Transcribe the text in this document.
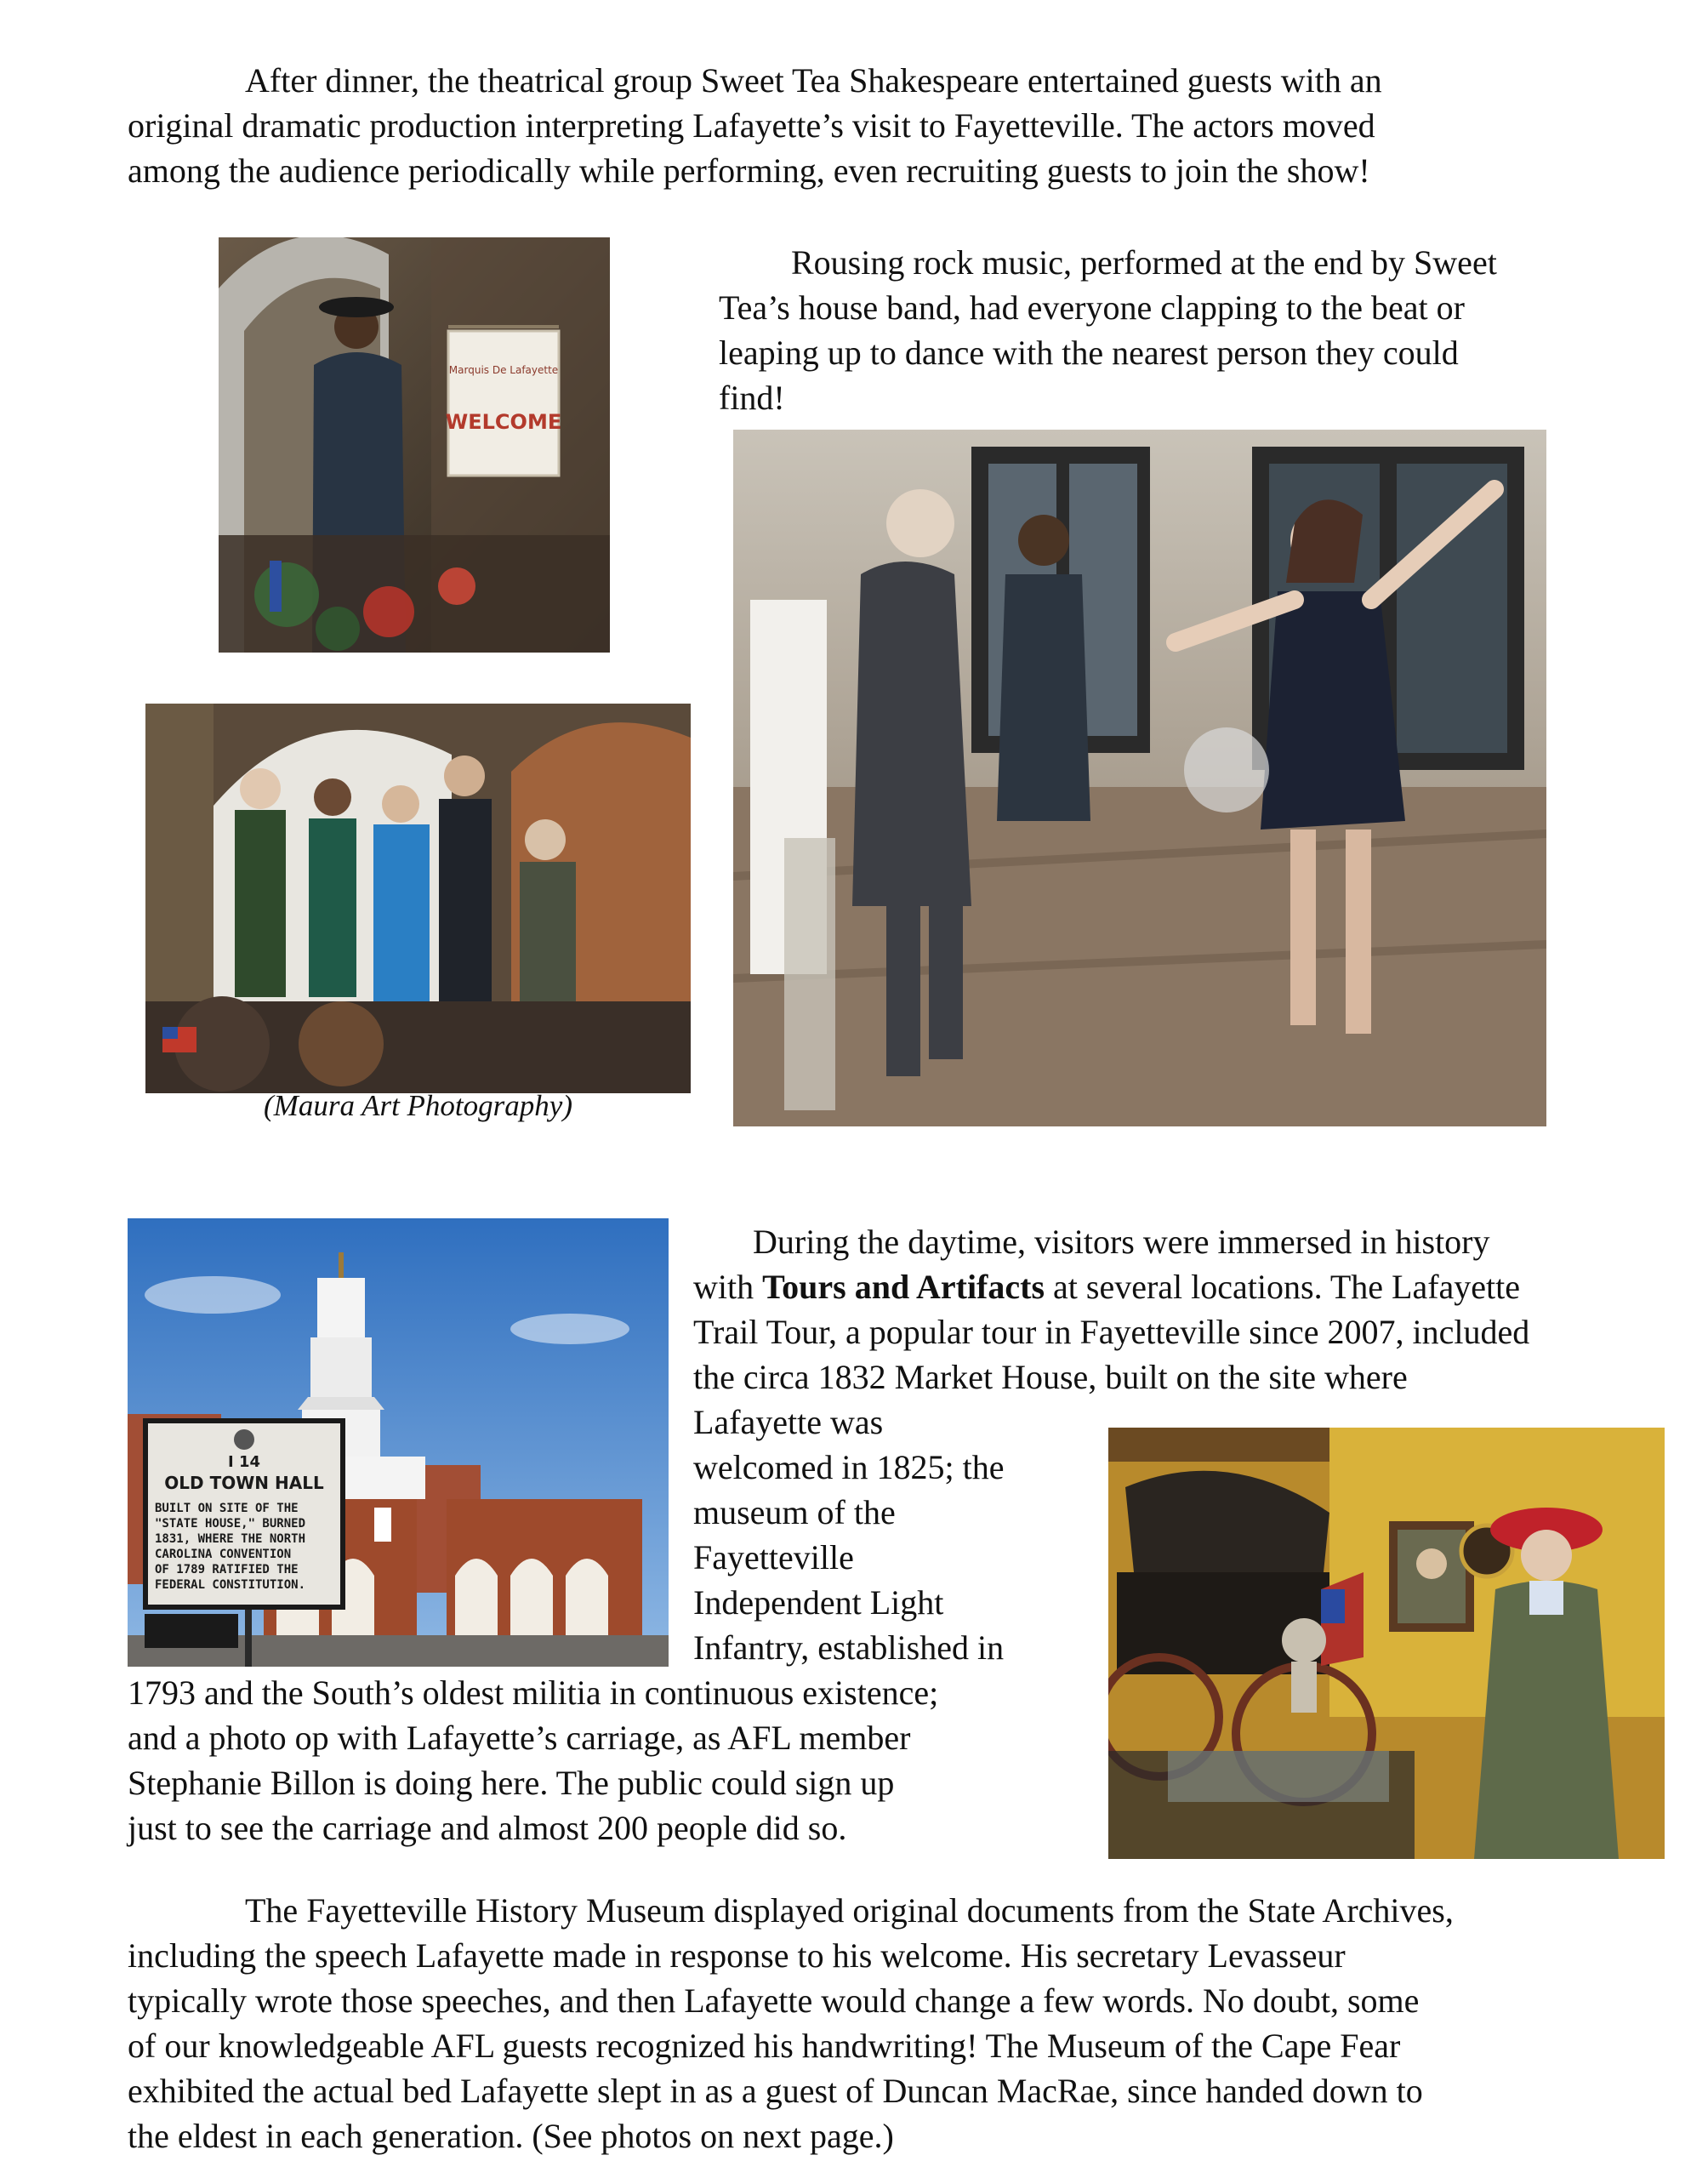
After dinner, the theatrical group Sweet Tea Shakespeare entertained guests with an
original dramatic production interpreting Lafayette’s visit to Fayetteville. The actors moved
among the audience periodically while performing, even recruiting guests to join the show!
Rousing rock music, performed at the end by Sweet
Tea’s house band, had everyone clapping to the beat or
leaping up to dance with the nearest person they could
find!
WELCOME
Marquis De Lafayette
(Maura Art Photography)
I 14
OLD TOWN HALL
BUILT ON SITE OF THE
"STATE HOUSE," BURNED
1831, WHERE THE NORTH
CAROLINA CONVENTION
OF 1789 RATIFIED THE
FEDERAL CONSTITUTION.
During the daytime, visitors were immersed in history
with Tours and Artifacts at several locations. The Lafayette
Trail Tour, a popular tour in Fayetteville since 2007, included
the circa 1832 Market House, built on the site where
Lafayette was
welcomed in 1825; the
museum of the
Fayetteville
Independent Light
Infantry, established in
1793 and the South’s oldest militia in continuous existence;
and a photo op with Lafayette’s carriage, as AFL member
Stephanie Billon is doing here. The public could sign up
just to see the carriage and almost 200 people did so.
The Fayetteville History Museum displayed original documents from the State Archives,
including the speech Lafayette made in response to his welcome. His secretary Levasseur
typically wrote those speeches, and then Lafayette would change a few words. No doubt, some
of our knowledgeable AFL guests recognized his handwriting! The Museum of the Cape Fear
exhibited the actual bed Lafayette slept in as a guest of Duncan MacRae, since handed down to
the eldest in each generation. (See photos on next page.)
